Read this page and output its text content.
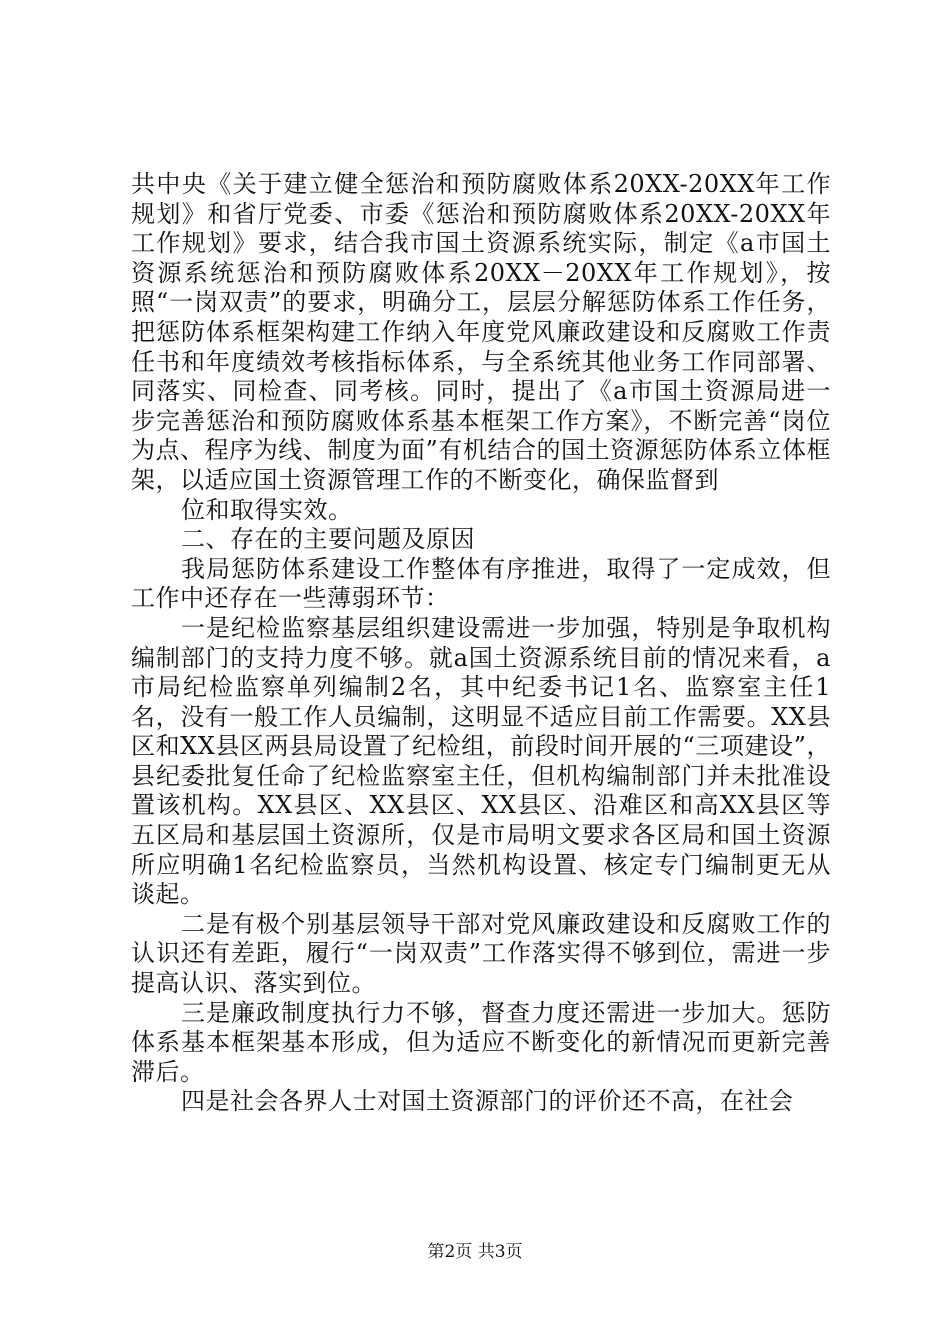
共中央《关于建立健全惩治和预防腐败体系20XX-20XX年工作规划》和省厅党委、市委《惩治和预防腐败体系20XX-20XX年工作规划》要求，结合我市国土资源系统实际，制定《a市国土资源系统惩治和预防腐败体系20XX－20XX年工作规划》，按照“一岗双责”的要求，明确分工，层层分解惩防体系工作任务，把惩防体系框架构建工作纳入年度党风廉政建设和反腐败工作责任书和年度绩效考核指标体系，与全系统其他业务工作同部署、同落实、同检查、同考核。同时，提出了《a市国土资源局进一步完善惩治和预防腐败体系基本框架工作方案》，不断完善“岗位为点、程序为线、制度为面”有机结合的国土资源惩防体系立体框架，以适应国土资源管理工作的不断变化，确保监督到

位和取得实效。

二、存在的主要问题及原因

我局惩防体系建设工作整体有序推进，取得了一定成效，但工作中还存在一些薄弱环节：

一是纪检监察基层组织建设需进一步加强，特别是争取机构编制部门的支持力度不够。就a国土资源系统目前的情况来看，a市局纪检监察单列编制2名，其中纪委书记1名、监察室主任1名，没有一般工作人员编制，这明显不适应目前工作需要。XX县区和XX县区两县局设置了纪检组，前段时间开展的“三项建设”，县纪委批复任命了纪检监察室主任，但机构编制部门并未批准设置该机构。XX县区、XX县区、XX县区、沿难区和高XX县区等五区局和基层国土资源所，仅是市局明文要求各区局和国土资源所应明确1名纪检监察员，当然机构设置、核定专门编制更无从谈起。

二是有极个别基层领导干部对党风廉政建设和反腐败工作的认识还有差距，履行“一岗双责”工作落实得不够到位，需进一步提高认识、落实到位。

三是廉政制度执行力不够，督查力度还需进一步加大。惩防体系基本框架基本形成，但为适应不断变化的新情况而更新完善滞后。

四是社会各界人士对国土资源部门的评价还不高，在社会

第2页 共3页
